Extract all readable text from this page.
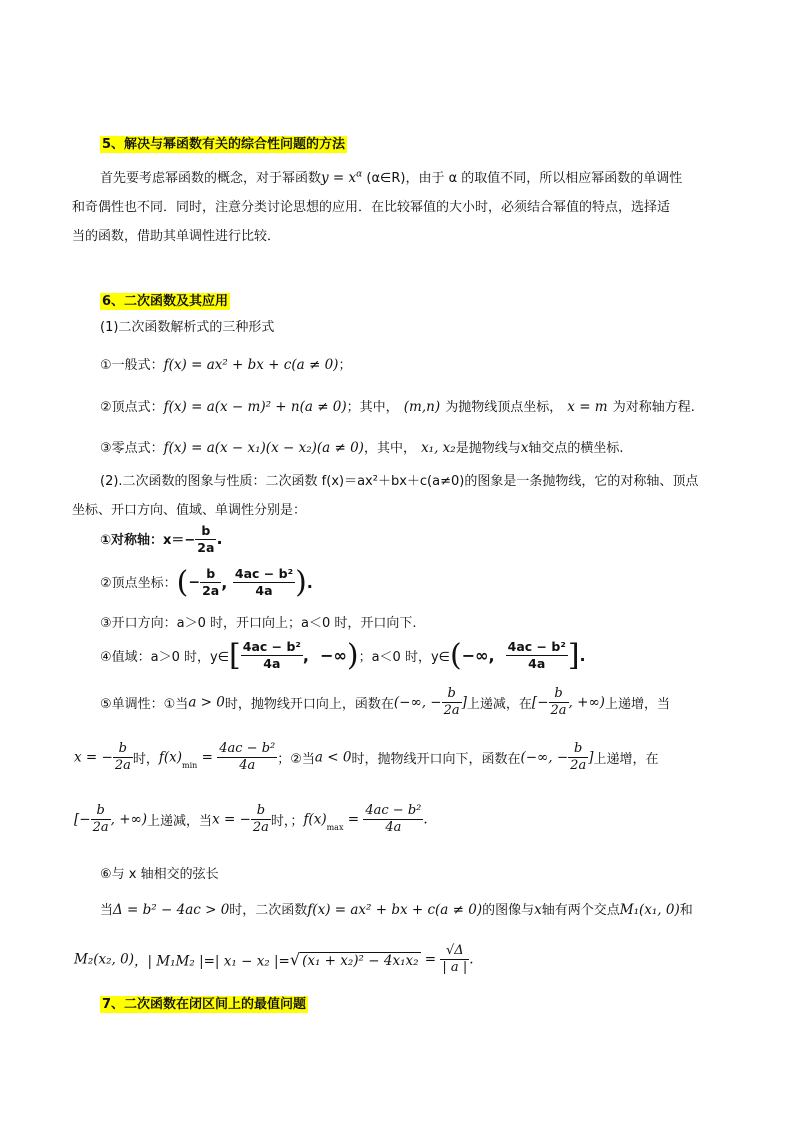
5、解决与幂函数有关的综合性问题的方法
首先要考虑幂函数的概念，对于幂函数$y = x^\alpha$ (α∈R)，由于 α 的取值不同，所以相应幂函数的单调性
和奇偶性也不同．同时，注意分类讨论思想的应用．在比较幂值的大小时，必须结合幂值的特点，选择适
当的函数，借助其单调性进行比较．
6、二次函数及其应用
(1)二次函数解析式的三种形式
①一般式：f(x) = ax² + bx + c(a ≠ 0)；
②顶点式：f(x) = a(x − m)² + n(a ≠ 0)；其中， (m,n) 为抛物线顶点坐标， x = m 为对称轴方程.
③零点式：f(x) = a(x − x₁)(x − x₂)(a ≠ 0)，其中， x₁, x₂是抛物线与x轴交点的横坐标.
(2).二次函数的图象与性质：二次函数 f(x)＝ax²＋bx＋c(a≠0)的图象是一条抛物线，它的对称轴、顶点
坐标、开口方向、值域、单调性分别是：
①对称轴：$x=- \frac{b}{2a}$ .
②顶点坐标：(− $\frac{b}{2a}$ , $\frac{\text{4ac − b²}}{4a}$ ).
③开口方向：a＞0 时，开口向上；a＜0 时，开口向下.
④值域：a＞0 时，y∈[ $\frac{\text{4ac − b²}}{4a}$ ,  −∞)；a＜0 时，y∈(−∞, $\frac{\text{4ac − b²}}{4a}$ ].
⑤单调性：①当a > 0时，抛物线开口向上，函数在(−∞, − $\frac{b}{2a}$ ]上递减，在[− $\frac{b}{2a}$ , +∞)上递增，当
x = − $\frac{b}{2a}$ 时，$f(x)_{min} = \frac{\text{4ac − b²}}{4a}$ ；②当a < 0时，抛物线开口向下，函数在(−∞, − $\frac{b}{2a}$ ]上递增，在
[− $\frac{b}{2a}$ , +∞)上递减，当x = − $\frac{b}{2a}$ 时，；$f(x)_{max} = \frac{\text{4ac − b²}}{4a}$ .
⑥与 x 轴相交的弦长
当Δ = b² − 4ac > 0时，二次函数f(x) = ax² + bx + c(a ≠ 0)的图像与x轴有两个交点M₁(x₁, 0)和
M₂(x₂, 0)，| M₁M₂ |=| x₁ − x₂ |=√ $(x_1 + x_2)^2 - 4x_1x_2 = \frac{√\Delta}{| a |}$ .
7、二次函数在闭区间上的最值问题
